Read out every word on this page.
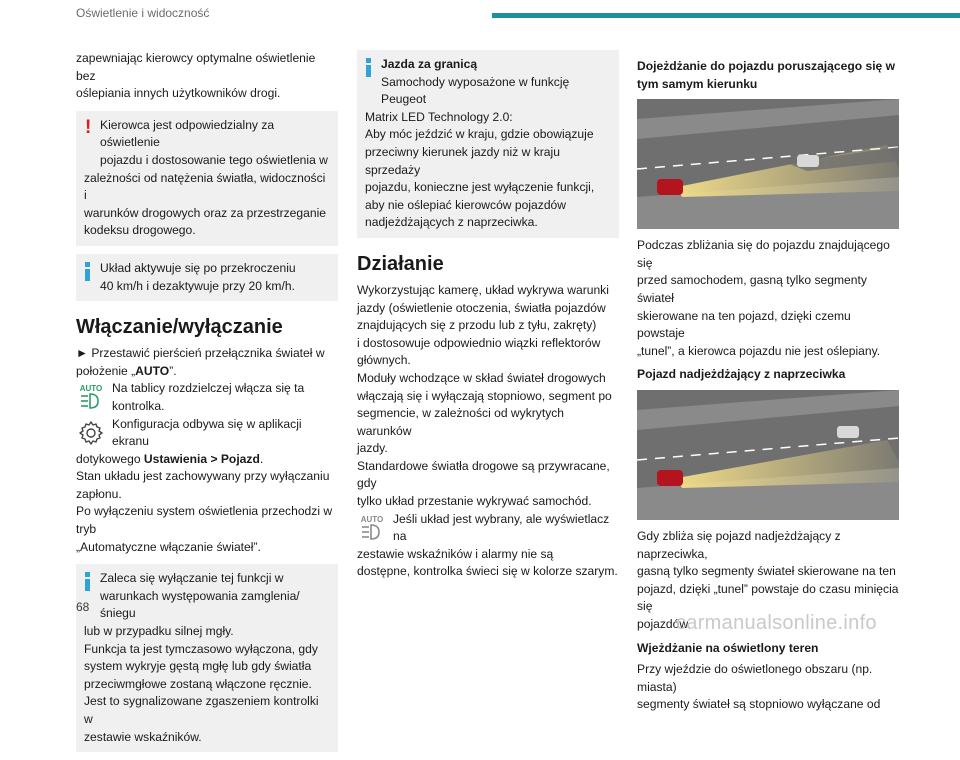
Oświetlenie i widoczność

zapewniając kierowcy optymalne oświetlenie bez

oślepiania innych użytkowników drogi.

! Kierowca jest odpowiedzialny za oświetlenie

pojazdu i dostosowanie tego oświetlenia w

zależności od natężenia światła, widoczności i

warunków drogowych oraz za przestrzeganie

kodeksu drogowego.

Układ aktywuje się po przekroczeniu

40 km/h i dezaktywuje przy 20 km/h.

Włączanie/wyłączanie

► Przestawić pierścień przełącznika świateł w

położenie „AUTO”.

AUTO Na tablicy rozdzielczej włącza się ta

kontrolka.

Konfiguracja odbywa się w aplikacji ekranu

dotykowego Ustawienia > Pojazd.

Stan układu jest zachowywany przy wyłączaniu

zapłonu.

Po wyłączeniu system oświetlenia przechodzi w tryb

„Automatyczne włączanie świateł”.

Zaleca się wyłączanie tej funkcji w

warunkach występowania zamglenia/śniegu

lub w przypadku silnej mgły.

Funkcja ta jest tymczasowo wyłączona, gdy

system wykryje gęstą mgłę lub gdy światła

przeciwmgłowe zostaną włączone ręcznie.

Jest to sygnalizowane zgaszeniem kontrolki w

zestawie wskaźników.

Jazda za granicą

Samochody wyposażone w funkcję Peugeot

Matrix LED Technology 2.0:

Aby móc jeździć w kraju, gdzie obowiązuje

przeciwny kierunek jazdy niż w kraju sprzedaży

pojazdu, konieczne jest wyłączenie funkcji,

aby nie oślepiać kierowców pojazdów

nadjeżdżających z naprzeciwka.

Działanie

Wykorzystując kamerę, układ wykrywa warunki

jazdy (oświetlenie otoczenia, światła pojazdów

znajdujących się z przodu lub z tyłu, zakręty)

i dostosowuje odpowiednio wiązki reflektorów

głównych.

Moduły wchodzące w skład świateł drogowych

włączają się i wyłączają stopniowo, segment po

segmencie, w zależności od wykrytych warunków

jazdy.

Standardowe światła drogowe są przywracane, gdy

tylko układ przestanie wykrywać samochód.

AUTO Jeśli układ jest wybrany, ale wyświetlacz na

zestawie wskaźników i alarmy nie są

dostępne, kontrolka świeci się w kolorze szarym.

Dojeżdżanie do pojazdu poruszającego się w tym samym kierunku

Podczas zbliżania się do pojazdu znajdującego się

przed samochodem, gasną tylko segmenty świateł

skierowane na ten pojazd, dzięki czemu powstaje

„tunel”, a kierowca pojazdu nie jest oślepiany.

Pojazd nadjeżdżający z naprzeciwka

Gdy zbliża się pojazd nadjeżdżający z naprzeciwka,

gasną tylko segmenty świateł skierowane na ten

pojazd, dzięki „tunel” powstaje do czasu minięcia się

pojazdów.

Wjeżdżanie na oświetlony teren

Przy wjeździe do oświetlonego obszaru (np. miasta)

segmenty świateł są stopniowo wyłączane od

68
carmanualsonline.info
